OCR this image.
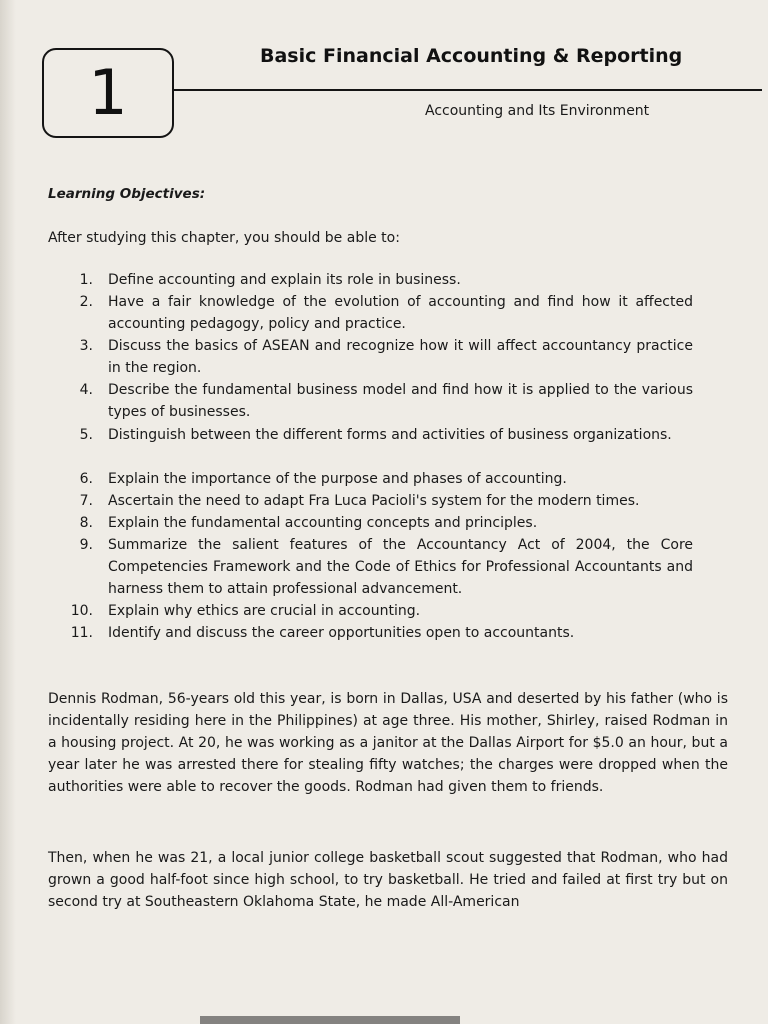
1	Basic Financial Accounting & Reporting
Accounting and Its Environment
Learning Objectives:
After studying this chapter, you should be able to:
1. Define accounting and explain its role in business.
2. Have a fair knowledge of the evolution of accounting and find how it affected accounting pedagogy, policy and practice.
3. Discuss the basics of ASEAN and recognize how it will affect accountancy practice in the region.
4. Describe the fundamental business model and find how it is applied to the various types of businesses.
5. Distinguish between the different forms and activities of business organizations.
6. Explain the importance of the purpose and phases of accounting.
7. Ascertain the need to adapt Fra Luca Pacioli's system for the modern times.
8. Explain the fundamental accounting concepts and principles.
9. Summarize the salient features of the Accountancy Act of 2004, the Core Competencies Framework and the Code of Ethics for Professional Accountants and harness them to attain professional advancement.
10. Explain why ethics are crucial in accounting.
11. Identify and discuss the career opportunities open to accountants.
Dennis Rodman, 56-years old this year, is born in Dallas, USA and deserted by his father (who is incidentally residing here in the Philippines) at age three. His mother, Shirley, raised Rodman in a housing project. At 20, he was working as a janitor at the Dallas Airport for $5.0 an hour, but a year later he was arrested there for stealing fifty watches; the charges were dropped when the authorities were able to recover the goods. Rodman had given them to friends.
Then, when he was 21, a local junior college basketball scout suggested that Rodman, who had grown a good half-foot since high school, to try basketball. He tried and failed at first try but on second try at Southeastern Oklahoma State, he made All-American
